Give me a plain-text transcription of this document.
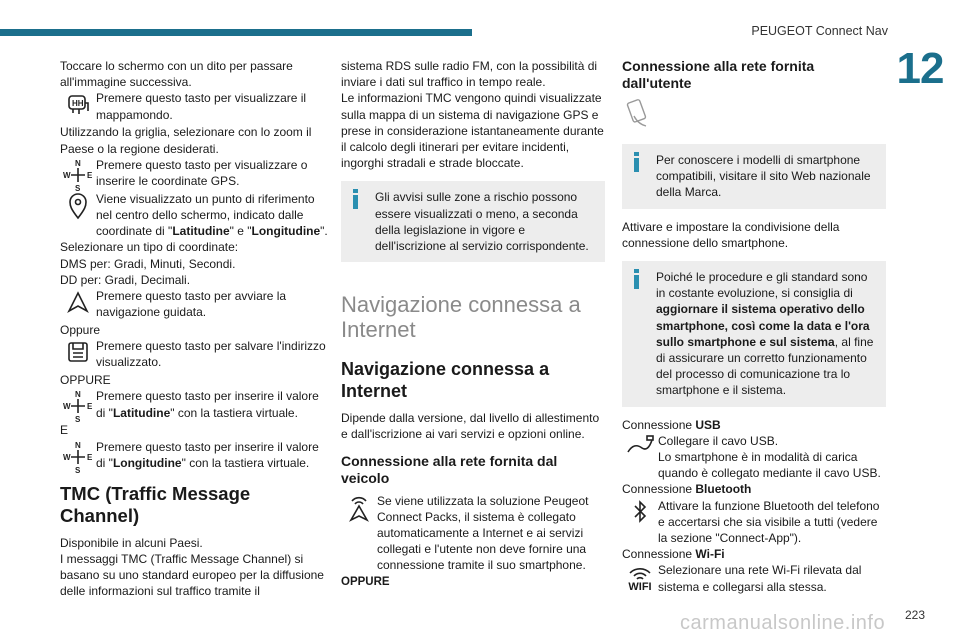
PEUGEOT Connect Nav
12

Toccare lo schermo con un dito per passare all'immagine successiva.

HH Premere questo tasto per visualizzare il mappamondo.

Utilizzando la griglia, selezionare con lo zoom il Paese o la regione desiderati.

N
S
W E
Premere questo tasto per visualizzare o inserire le coordinate GPS.
Viene visualizzato un punto di riferimento nel centro dello schermo, indicato dalle coordinate di "Latitudine" e "Longitudine".

Selezionare un tipo di coordinate:

DMS per: Gradi, Minuti, Secondi.

DD per: Gradi, Decimali.

Premere questo tasto per avviare la navigazione guidata.

Oppure

Premere questo tasto per salvare l'indirizzo visualizzato.

OPPURE

N
S
W E
Premere questo tasto per inserire il valore di "Latitudine" con la tastiera virtuale.

E

N
S
W E
Premere questo tasto per inserire il valore di "Longitudine" con la tastiera virtuale.
TMC (Traffic Message Channel)

Disponibile in alcuni Paesi.

I messaggi TMC (Traffic Message Channel) si basano su uno standard europeo per la diffusione delle informazioni sul traffico tramite il

sistema RDS sulle radio FM, con la possibilità di inviare i dati sul traffico in tempo reale.

Le informazioni TMC vengono quindi visualizzate sulla mappa di un sistema di navigazione GPS e prese in considerazione istantaneamente durante il calcolo degli itinerari per evitare incidenti, ingorghi stradali e strade bloccate.

Gli avvisi sulle zone a rischio possono essere visualizzati o meno, a seconda della legislazione in vigore e dell'iscrizione al servizio corrispondente.
Navigazione connessa a Internet
Navigazione connessa a Internet

Dipende dalla versione, dal livello di allestimento e dall'iscrizione ai vari servizi e opzioni online.

Connessione alla rete fornita dal veicolo
Se viene utilizzata la soluzione Peugeot Connect Packs, il sistema è collegato automaticamente a Internet e ai servizi collegati e l'utente non deve fornire una connessione tramite il suo smartphone.

OPPURE

Connessione alla rete fornita dall'utente
Per conoscere i modelli di smartphone compatibili, visitare il sito Web nazionale della Marca.

Attivare e impostare la condivisione della connessione dello smartphone.

Poiché le procedure e gli standard sono in costante evoluzione, si consiglia di aggiornare il sistema operativo dello smartphone, così come la data e l'ora sullo smartphone e sul sistema, al fine di assicurare un corretto funzionamento del processo di comunicazione tra lo smartphone e il sistema.

Connessione USB

Collegare il cavo USB.
Lo smartphone è in modalità di carica quando è collegato mediante il cavo USB.

Connessione Bluetooth

Attivare la funzione Bluetooth del telefono e accertarsi che sia visibile a tutti (vedere la sezione "Connect-App").

Connessione Wi-Fi

WIFI
Selezionare una rete Wi-Fi rilevata dal sistema e collegarsi alla stessa.
carmanualsonline.info 223
